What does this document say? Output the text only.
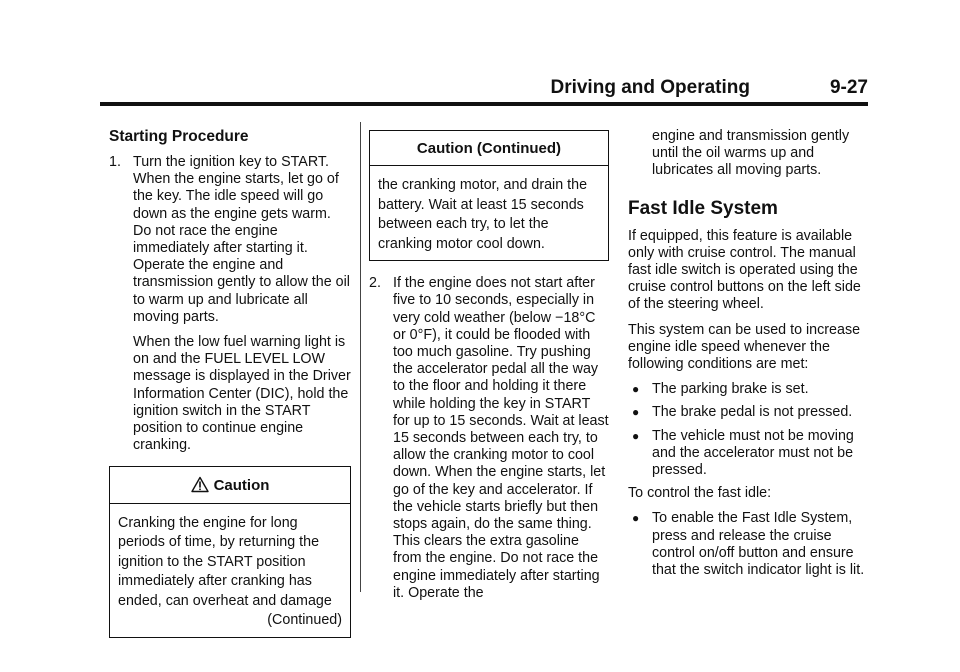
Driving and Operating	9-27
Starting Procedure
1. Turn the ignition key to START. When the engine starts, let go of the key. The idle speed will go down as the engine gets warm. Do not race the engine immediately after starting it. Operate the engine and transmission gently to allow the oil to warm up and lubricate all moving parts.

When the low fuel warning light is on and the FUEL LEVEL LOW message is displayed in the Driver Information Center (DIC), hold the ignition switch in the START position to continue engine cranking.

Caution
Cranking the engine for long periods of time, by returning the ignition to the START position immediately after cranking has ended, can overheat and damage
(Continued)
Caution (Continued)
the cranking motor, and drain the battery. Wait at least 15 seconds between each try, to let the cranking motor cool down.
2. If the engine does not start after five to 10 seconds, especially in very cold weather (below −18°C or 0°F), it could be flooded with too much gasoline. Try pushing the accelerator pedal all the way to the floor and holding it there while holding the key in START for up to 15 seconds. Wait at least 15 seconds between each try, to allow the cranking motor to cool down. When the engine starts, let go of the key and accelerator. If the vehicle starts briefly but then stops again, do the same thing. This clears the extra gasoline from the engine. Do not race the engine immediately after starting it. Operate the

engine and transmission gently until the oil warms up and lubricates all moving parts.

Fast Idle System

If equipped, this feature is available only with cruise control. The manual fast idle switch is operated using the cruise control buttons on the left side of the steering wheel.

This system can be used to increase engine idle speed whenever the following conditions are met:

● The parking brake is set.
● The brake pedal is not pressed.
● The vehicle must not be moving and the accelerator must not be pressed.

To control the fast idle:

● To enable the Fast Idle System, press and release the cruise control on/off button and ensure that the switch indicator light is lit.
